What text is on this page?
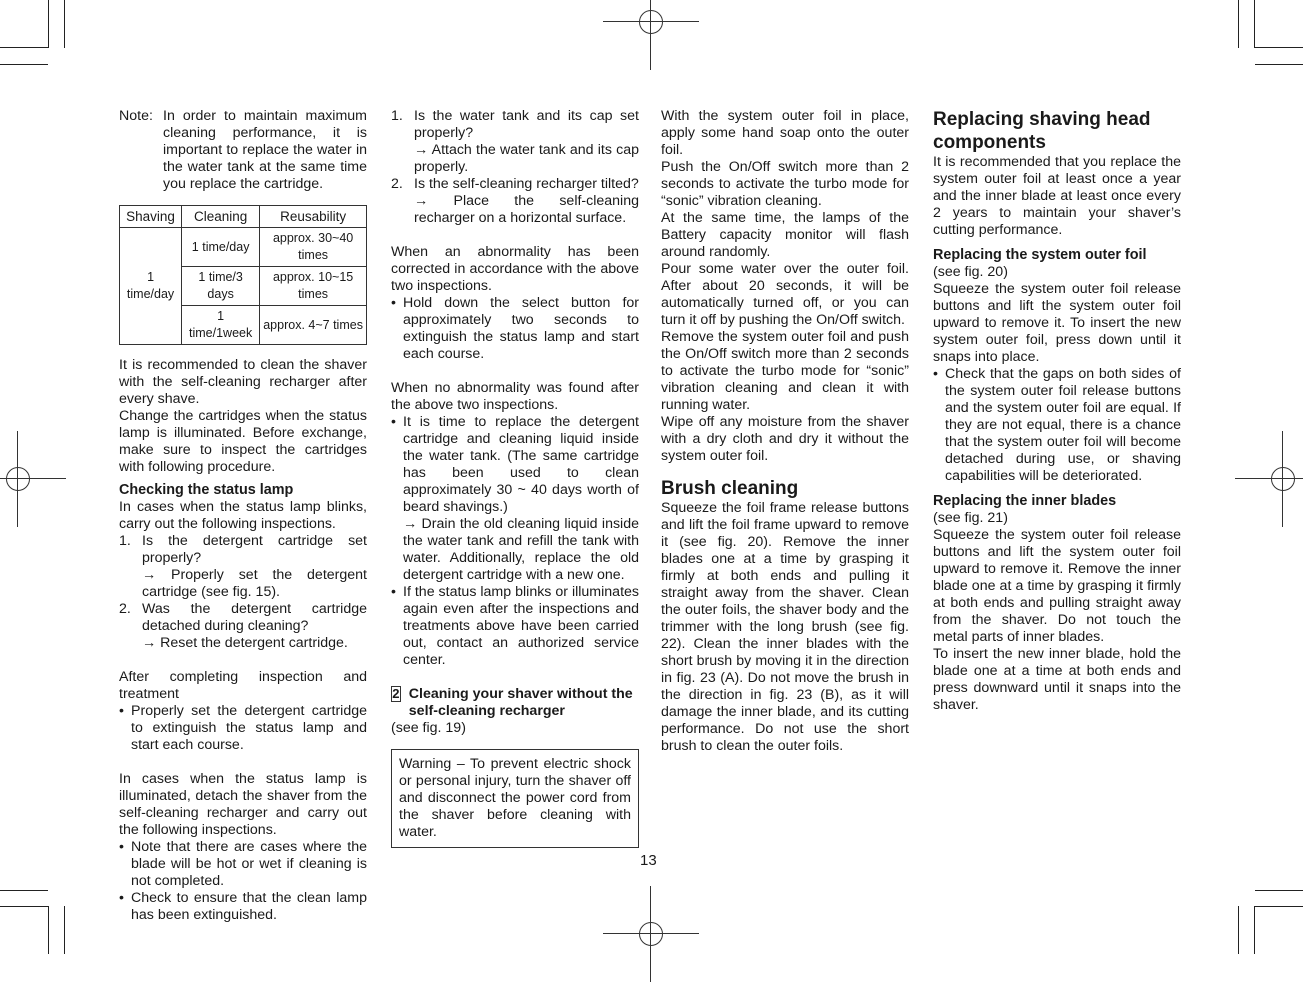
Note: In order to maintain maximum cleaning performance, it is important to replace the water in the water tank at the same time you replace the cartridge.
Shaving	Cleaning	Reusability
1 time/day	1 time/day	approx. 30~40 times
	1 time/3 days	approx. 10~15 times
	1 time/1week	approx. 4~7 times

It is recommended to clean the shaver with the self-cleaning recharger after every shave.

Change the cartridges when the status lamp is illuminated. Before exchange, make sure to inspect the cartridges with following procedure.

Checking the status lamp

In cases when the status lamp blinks, carry out the following inspections.

1. Is the detergent cartridge set properly?
→ Properly set the detergent cartridge (see fig. 15).
2. Was the detergent cartridge detached during cleaning?
→ Reset the detergent cartridge.

After completing inspection and treatment

• Properly set the detergent cartridge to extinguish the status lamp and start each course.

In cases when the status lamp is illuminated, detach the shaver from the self-cleaning recharger and carry out the following inspections.

• Note that there are cases where the blade will be hot or wet if cleaning is not completed.
• Check to ensure that the clean lamp has been extinguished.
1. Is the water tank and its cap set properly?
→ Attach the water tank and its cap properly.
2. Is the self-cleaning recharger tilted?
→ Place the self-cleaning recharger on a horizontal surface.

When an abnormality has been corrected in accordance with the above two inspections.

• Hold down the select button for approximately two seconds to extinguish the status lamp and start each course.

When no abnormality was found after the above two inspections.

• It is time to replace the detergent cartridge and cleaning liquid inside the water tank. (The same cartridge has been used to clean approximately 30 ~ 40 days worth of beard shavings.)
→ Drain the old cleaning liquid inside the water tank and refill the tank with water. Additionally, replace the old detergent cartridge with a new one.
• If the status lamp blinks or illuminates again even after the inspections and treatments above have been carried out, contact an authorized service center.
2 Cleaning your shaver without the self-cleaning recharger

(see fig. 19)

Warning – To prevent electric shock or personal injury, turn the shaver off and disconnect the power cord from the shaver before cleaning with water.

With the system outer foil in place, apply some hand soap onto the outer foil.

Push the On/Off switch more than 2 seconds to activate the turbo mode for “sonic” vibration cleaning.

At the same time, the lamps of the Battery capacity monitor will flash around randomly.

Pour some water over the outer foil. After about 20 seconds, it will be automatically turned off, or you can turn it off by pushing the On/Off switch.

Remove the system outer foil and push the On/Off switch more than 2 seconds to activate the turbo mode for “sonic” vibration cleaning and clean it with running water.

Wipe off any moisture from the shaver with a dry cloth and dry it without the system outer foil.

Brush cleaning

Squeeze the foil frame release buttons and lift the foil frame upward to remove it (see fig. 20). Remove the inner blades one at a time by grasping it firmly at both ends and pulling it straight away from the shaver. Clean the outer foils, the shaver body and the trimmer with the long brush (see fig. 22). Clean the inner blades with the short brush by moving it in the direction in fig. 23 (A). Do not move the brush in the direction in fig. 23 (B), as it will damage the inner blade, and its cutting performance. Do not use the short brush to clean the outer foils.

Replacing shaving head components

It is recommended that you replace the system outer foil at least once a year and the inner blade at least once every 2 years to maintain your shaver’s cutting performance.

Replacing the system outer foil

(see fig. 20)

Squeeze the system outer foil release buttons and lift the system outer foil upward to remove it. To insert the new system outer foil, press down until it snaps into place.

• Check that the gaps on both sides of the system outer foil release buttons and the system outer foil are equal. If they are not equal, there is a chance that the system outer foil will become detached during use, or shaving capabilities will be deteriorated.
Replacing the inner blades

(see fig. 21)

Squeeze the system outer foil release buttons and lift the system outer foil upward to remove it. Remove the inner blade one at a time by grasping it firmly at both ends and pulling straight away from the shaver. Do not touch the metal parts of inner blades.

To insert the new inner blade, hold the blade one at a time at both ends and press downward until it snaps into the shaver.

13
